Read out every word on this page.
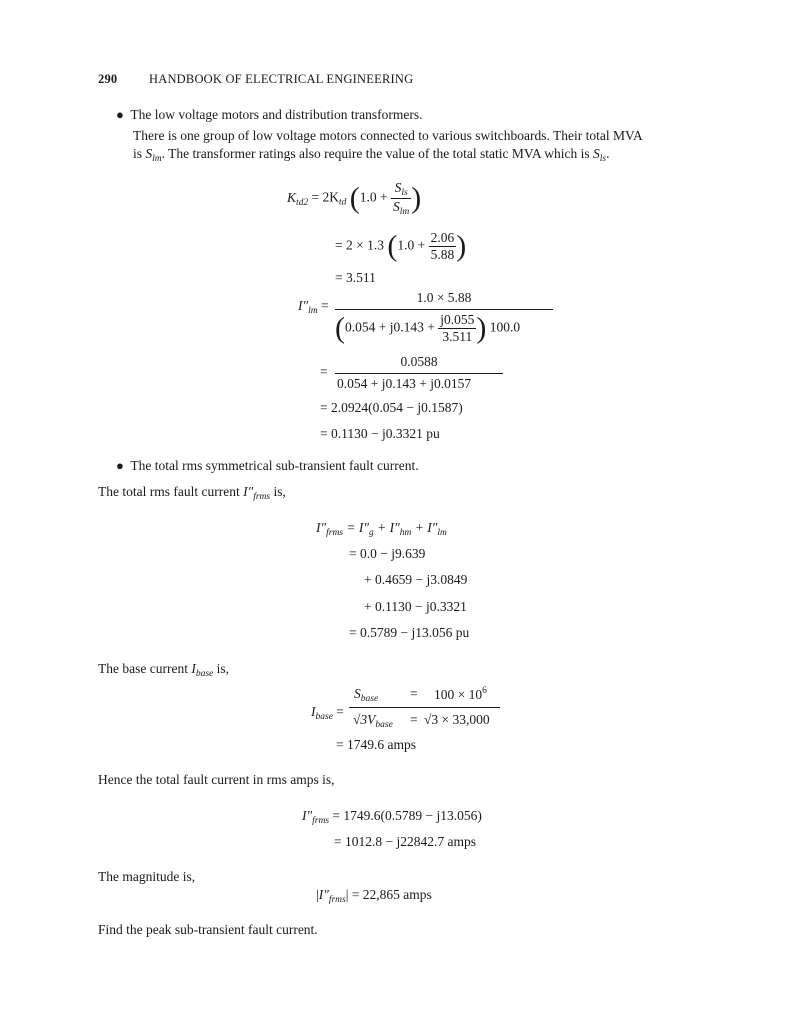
290	HANDBOOK OF ELECTRICAL ENGINEERING
● The low voltage motors and distribution transformers.
There is one group of low voltage motors connected to various switchboards. Their total MVA
is $S_{lm}$. The transformer ratings also require the value of the total static MVA which is $S_{ls}$.
$K_{td2} = 2K_{td}$ ($1.0 + \frac{S_{ls}}{S_{lm}}$ )
= 2 × 1.3 ($1.0 + \frac{2.06}{5.88}$ )
= 3.511
$I''_{lm}$ =
1.0 × 5.88
($0.054 + j0.143 + \frac{j0.055}{3.511}$ ) 100.0
=
0.0588
0.054 + j0.143 + j0.0157
= 2.0924(0.054 − j0.1587)
= 0.1130 − j0.3321 pu
● The total rms symmetrical sub-transient fault current.
The total rms fault current $I''_{frms}$ is,
$I''_{frms} = I''_g + I''_{hm} + I''_{lm}$
= 0.0 − j9.639
+ 0.4659 − j3.0849
+ 0.1130 − j0.3321
= 0.5789 − j13.056 pu
The base current $I_{base}$ is,
$I_{base}$ =
$S_{base}$
$√3V_{base}$
=
=
$100 \times 10^6$
√3 × 33,000
= 1749.6 amps
Hence the total fault current in rms amps is,
$I''_{frms} = 1749.6(0.5789 - j13.056)$
= 1012.8 − j22842.7 amps
The magnitude is,
$|I''_{frms}| = 22,865$ amps
Find the peak sub-transient fault current.
